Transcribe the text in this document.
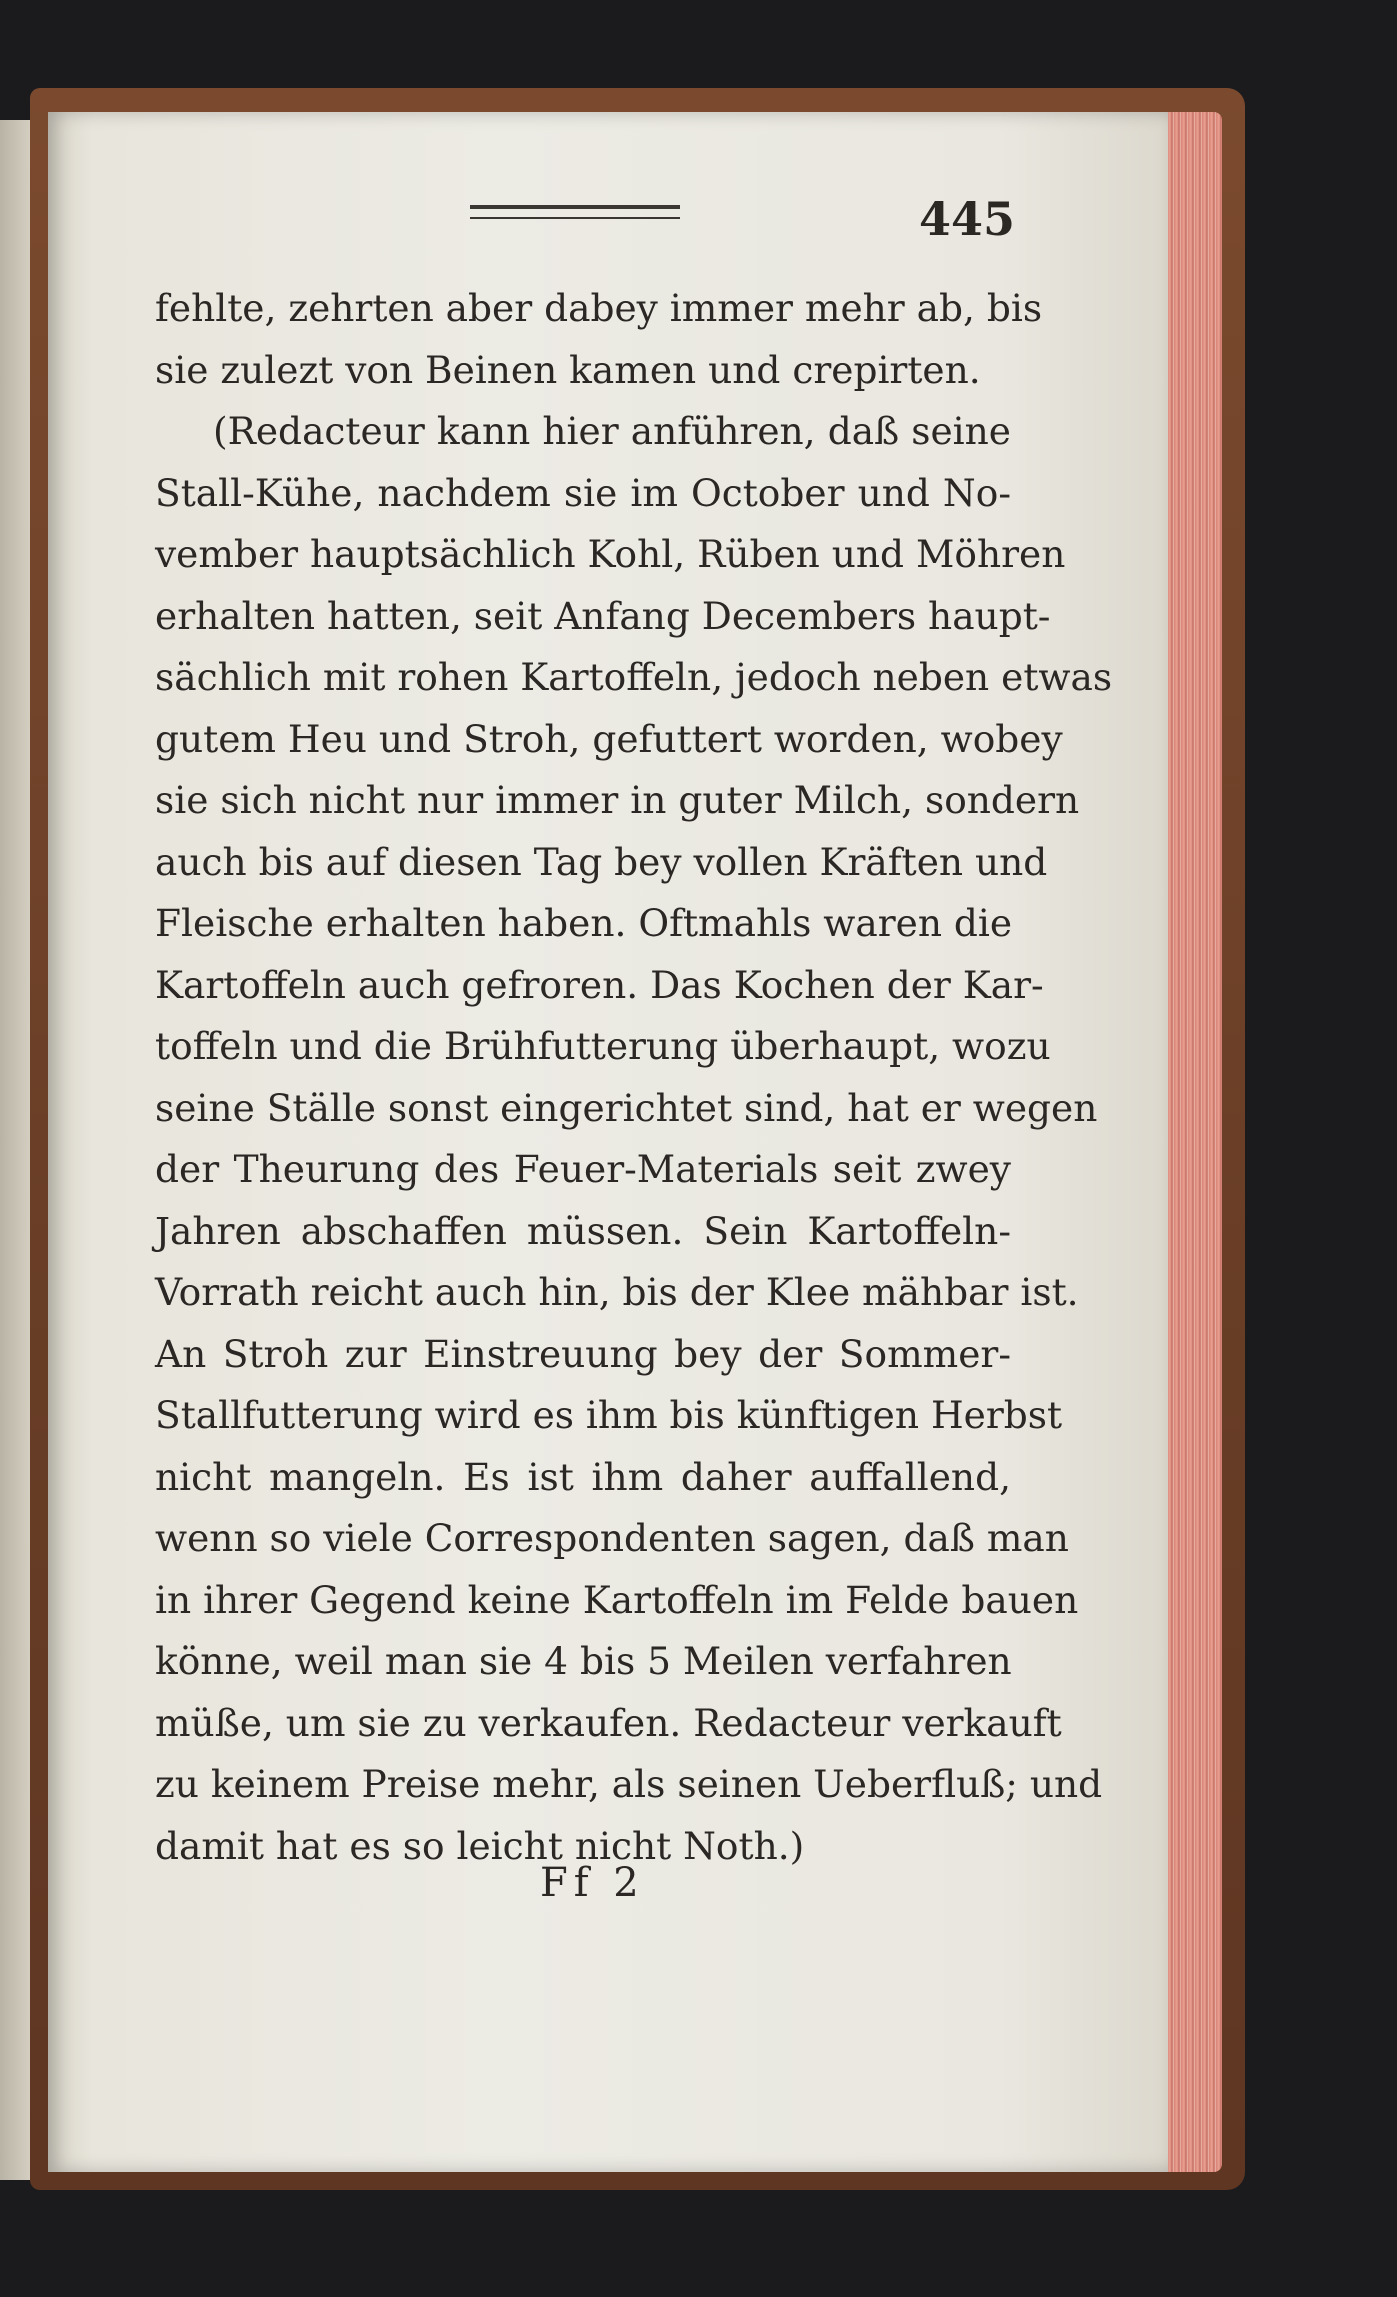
445
fehlte, zehrten aber dabey immer mehr ab, bis
sie zulezt von Beinen kamen und crepirten.
(Redacteur kann hier anführen, daß seine
Stall-Kühe, nachdem sie im October und No-
vember hauptsächlich Kohl, Rüben und Möhren
erhalten hatten, seit Anfang Decembers haupt-
sächlich mit rohen Kartoffeln, jedoch neben etwas
gutem Heu und Stroh, gefuttert worden, wobey
sie sich nicht nur immer in guter Milch, sondern
auch bis auf diesen Tag bey vollen Kräften und
Fleische erhalten haben. Oftmahls waren die
Kartoffeln auch gefroren. Das Kochen der Kar-
toffeln und die Brühfutterung überhaupt, wozu
seine Ställe sonst eingerichtet sind, hat er wegen
der Theurung des Feuer-Materials seit zwey
Jahren abschaffen müssen. Sein Kartoffeln-
Vorrath reicht auch hin, bis der Klee mähbar ist.
An Stroh zur Einstreuung bey der Sommer-
Stallfutterung wird es ihm bis künftigen Herbst
nicht mangeln. Es ist ihm daher auffallend,
wenn so viele Correspondenten sagen, daß man
in ihrer Gegend keine Kartoffeln im Felde bauen
könne, weil man sie 4 bis 5 Meilen verfahren
müße, um sie zu verkaufen. Redacteur verkauft
zu keinem Preise mehr, als seinen Ueberfluß; und
damit hat es so leicht nicht Noth.)
Ff 2
